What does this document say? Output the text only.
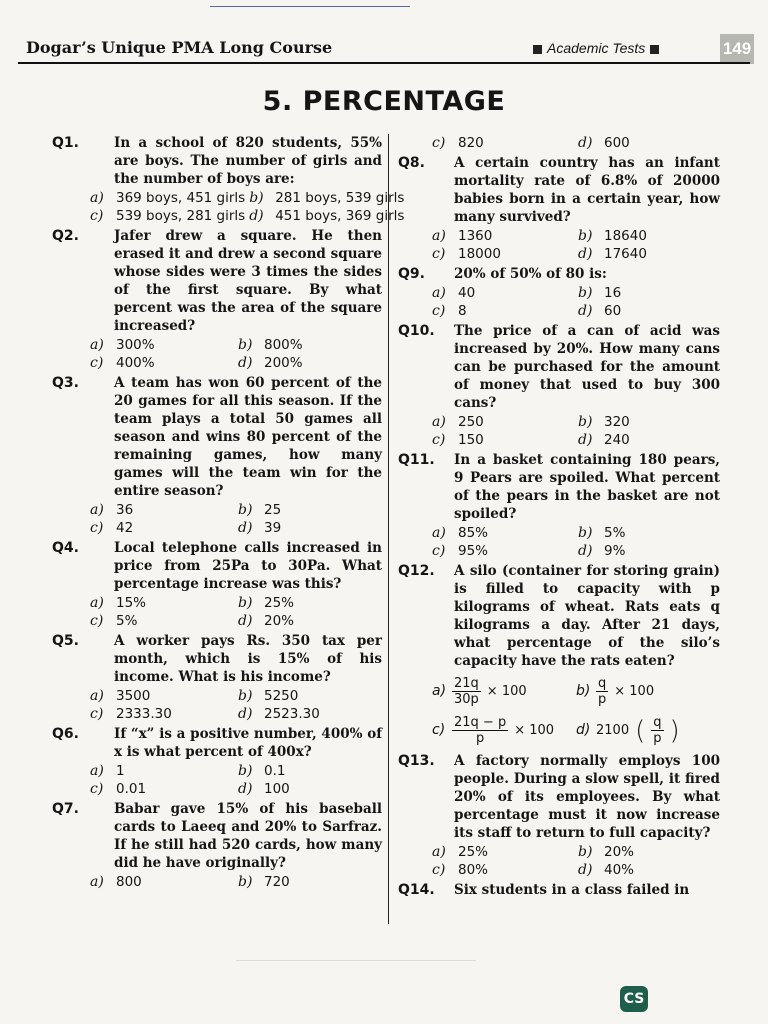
Dogar’s Unique PMA Long Course	Academic Tests	149
5. PERCENTAGE
Q1.	In a school of 820 students, 55% are boys. The number of girls and the number of boys are:
a) 369 boys, 451 girls b) 281 boys, 539 girls
c) 539 boys, 281 girls d) 451 boys, 369 girls
Q2.	Jafer drew a square. He then erased it and drew a second square whose sides were 3 times the sides of the first square. By what percent was the area of the square increased?
a) 300%	b) 800%
c) 400%	d) 200%
Q3.	A team has won 60 percent of the 20 games for all this season. If the team plays a total 50 games all season and wins 80 percent of the remaining games, how many games will the team win for the entire season?
a) 36	b) 25
c) 42	d) 39
Q4.	Local telephone calls increased in price from 25Pa to 30Pa. What percentage increase was this?
a) 15%	b) 25%
c) 5%	d) 20%
Q5.	A worker pays Rs. 350 tax per month, which is 15% of his income. What is his income?
a) 3500	b) 5250
c) 2333.30	d) 2523.30
Q6.	If “x” is a positive number, 400% of x is what percent of 400x?
a) 1	b) 0.1
c) 0.01	d) 100
Q7.	Babar gave 15% of his baseball cards to Laeeq and 20% to Sarfraz. If he still had 520 cards, how many did he have originally?
a) 800	b) 720
c) 820	d) 600
Q8. A certain country has an infant mortality rate of 6.8% of 20000 babies born in a certain year, how many survived?
a) 1360	b) 18640
c) 18000	d) 17640
Q9. 20% of 50% of 80 is:
a) 40	b) 16
c) 8	d) 60
Q10. The price of a can of acid was increased by 20%. How many cans can be purchased for the amount of money that used to buy 300 cans?
a) 250	b) 320
c) 150	d) 240
Q11. In a basket containing 180 pears, 9 Pears are spoiled. What percent of the pears in the basket are not spoiled?
a) 85%	b) 5%
c) 95%	d) 9%
Q12. A silo (container for storing grain) is filled to capacity with p kilograms of wheat. Rats eats q kilograms a day. After 21 days, what percentage of the silo’s capacity have the rats eaten?
$a) \frac{21q}{30p} \times 100$	$b) \frac{q}{p} \times 100$
$c) \frac{21q - p}{p} \times 100$ d) 2100 ( $\frac{q}{p}$ )
Q13. A factory normally employs 100 people. During a slow spell, it fired 20% of its employees. By what percentage must it now increase its staff to return to full capacity?
a) 25%	b) 20%
c) 80%	d) 40%
Q14. Six students in a class failed in
CS
